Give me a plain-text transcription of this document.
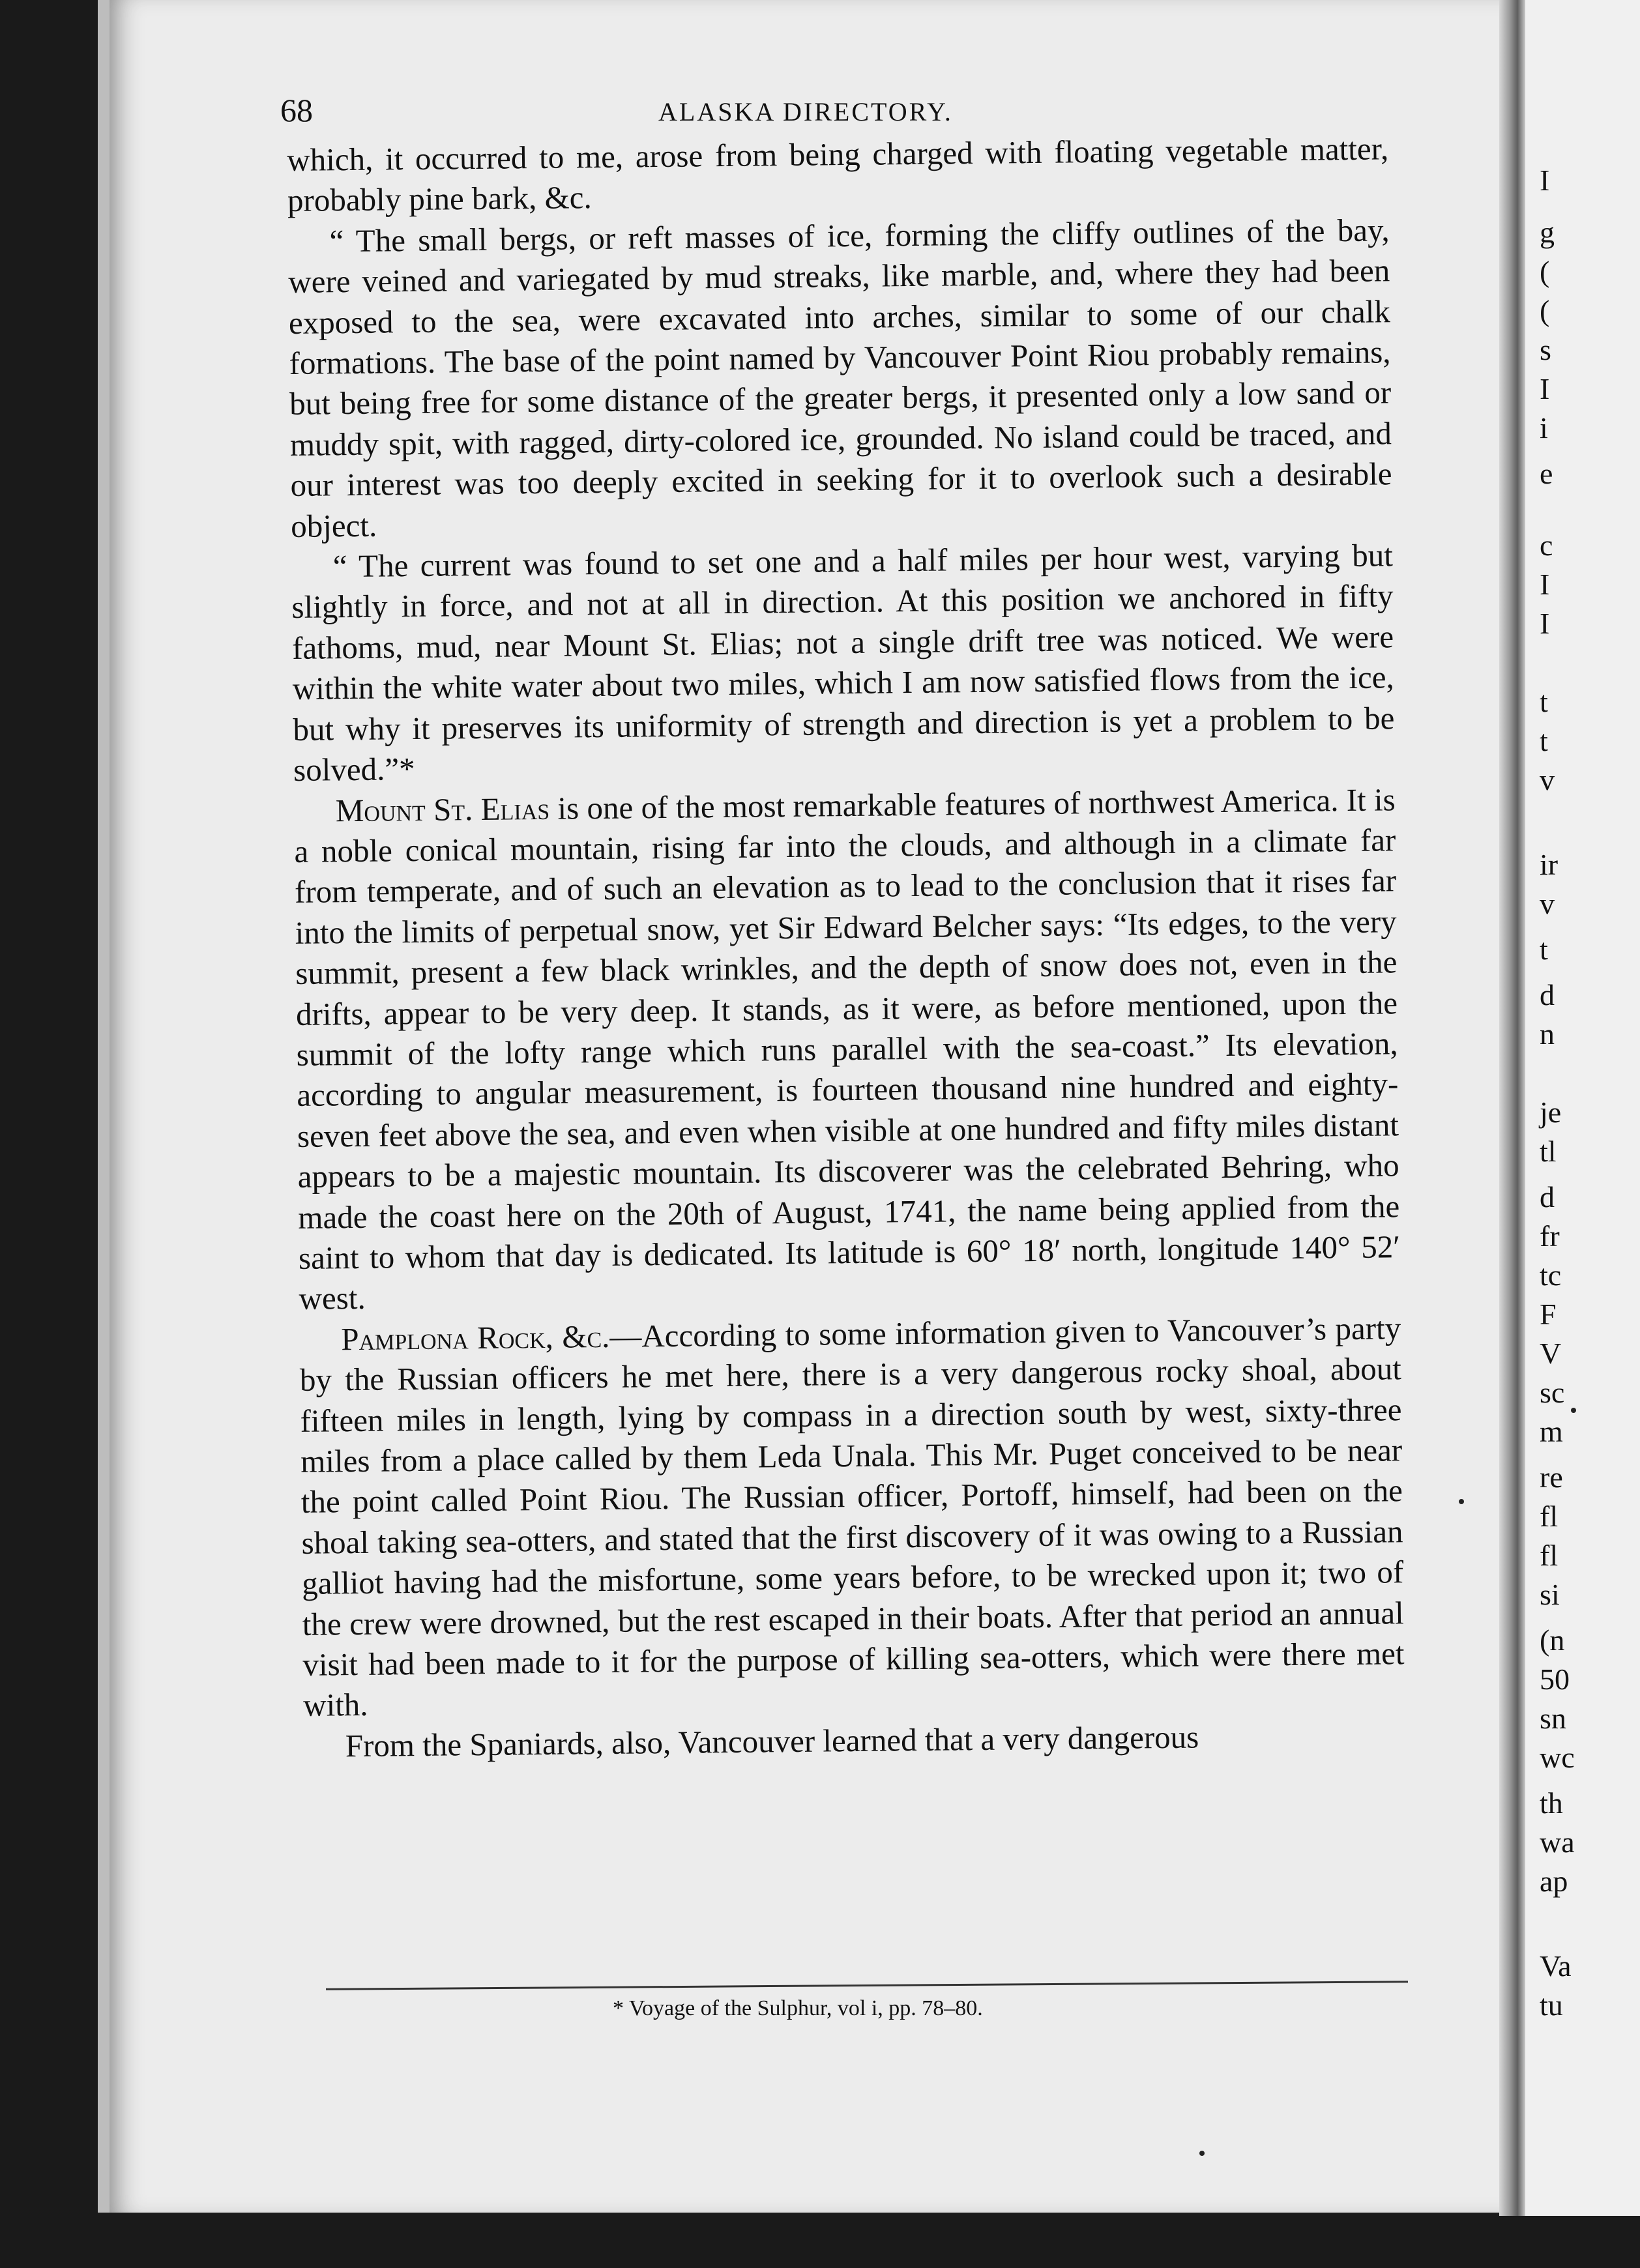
I
g
(
(
s
I
i
e
c
I
I
t
t
v
ir
v
t
d
n
je
tl
d
fr
tc
F
V
sc
m
re
fl
fl
si
(n
50
sn
wc
th
wa
ap
Va
tu
68	ALASKA DIRECTORY.

which, it occurred to me, arose from being charged with floating vegetable matter, probably pine bark, &c.

“ The small bergs, or reft masses of ice, forming the cliffy outlines of the bay, were veined and variegated by mud streaks, like marble, and, where they had been exposed to the sea, were excavated into arches, similar to some of our chalk formations. The base of the point named by Vancouver Point Riou probably remains, but being free for some distance of the greater bergs, it presented only a low sand or muddy spit, with ragged, dirty-colored ice, grounded. No island could be traced, and our interest was too deeply excited in seeking for it to overlook such a desirable object.

“ The current was found to set one and a half miles per hour west, varying but slightly in force, and not at all in direction. At this position we anchored in fifty fathoms, mud, near Mount St. Elias; not a single drift tree was noticed. We were within the white water about two miles, which I am now satisfied flows from the ice, but why it preserves its uniformity of strength and direction is yet a problem to be solved.”*

Mount St. Elias is one of the most remarkable features of northwest America. It is a noble conical mountain, rising far into the clouds, and although in a climate far from temperate, and of such an elevation as to lead to the conclusion that it rises far into the limits of perpetual snow, yet Sir Edward Belcher says: “Its edges, to the very summit, present a few black wrinkles, and the depth of snow does not, even in the drifts, appear to be very deep. It stands, as it were, as before mentioned, upon the summit of the lofty range which runs parallel with the sea-coast.” Its elevation, according to angular measurement, is fourteen thousand nine hundred and eighty-seven feet above the sea, and even when visible at one hundred and fifty miles distant appears to be a majestic mountain. Its discoverer was the celebrated Behring, who made the coast here on the 20th of August, 1741, the name being applied from the saint to whom that day is dedicated. Its latitude is 60° 18′ north, longitude 140° 52′ west.

Pamplona Rock, &c.—According to some information given to Vancouver’s party by the Russian officers he met here, there is a very dangerous rocky shoal, about fifteen miles in length, lying by compass in a direction south by west, sixty-three miles from a place called by them Leda Unala. This Mr. Puget conceived to be near the point called Point Riou. The Russian officer, Portoff, himself, had been on the shoal taking sea-otters, and stated that the first discovery of it was owing to a Russian galliot having had the misfortune, some years before, to be wrecked upon it; two of the crew were drowned, but the rest escaped in their boats. After that period an annual visit had been made to it for the purpose of killing sea-otters, which were there met with.

From the Spaniards, also, Vancouver learned that a very dangerous

* Voyage of the Sulphur, vol i, pp. 78–80.
